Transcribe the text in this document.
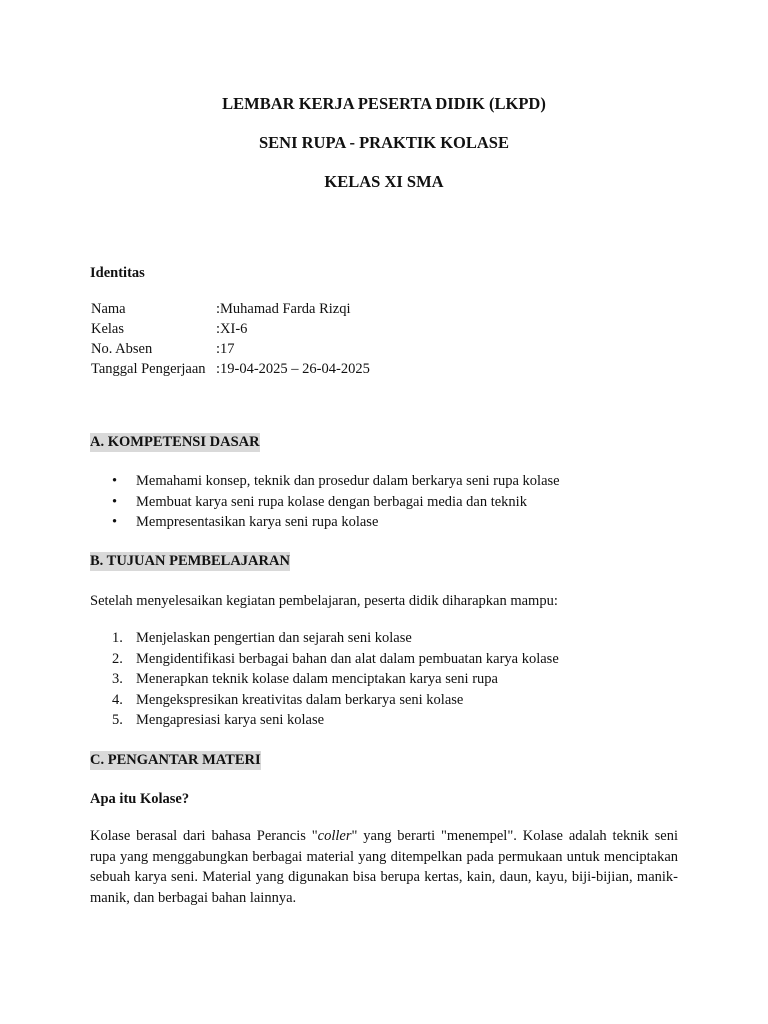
LEMBAR KERJA PESERTA DIDIK (LKPD)
SENI RUPA - PRAKTIK KOLASE
KELAS XI SMA
Identitas
Nama	:Muhamad Farda Rizqi
Kelas	:XI-6
No. Absen	:17
Tanggal Pengerjaan	:19-04-2025 – 26-04-2025
A. KOMPETENSI DASAR
• Memahami konsep, teknik dan prosedur dalam berkarya seni rupa kolase
• Membuat karya seni rupa kolase dengan berbagai media dan teknik
• Mempresentasikan karya seni rupa kolase
B. TUJUAN PEMBELAJARAN
Setelah menyelesaikan kegiatan pembelajaran, peserta didik diharapkan mampu:
1. Menjelaskan pengertian dan sejarah seni kolase
2. Mengidentifikasi berbagai bahan dan alat dalam pembuatan karya kolase
3. Menerapkan teknik kolase dalam menciptakan karya seni rupa
4. Mengekspresikan kreativitas dalam berkarya seni kolase
5. Mengapresiasi karya seni kolase
C. PENGANTAR MATERI
Apa itu Kolase?
Kolase berasal dari bahasa Perancis "coller" yang berarti "menempel". Kolase adalah teknik seni rupa yang menggabungkan berbagai material yang ditempelkan pada permukaan untuk menciptakan sebuah karya seni. Material yang digunakan bisa berupa kertas, kain, daun, kayu, biji-bijian, manik-manik, dan berbagai bahan lainnya.
